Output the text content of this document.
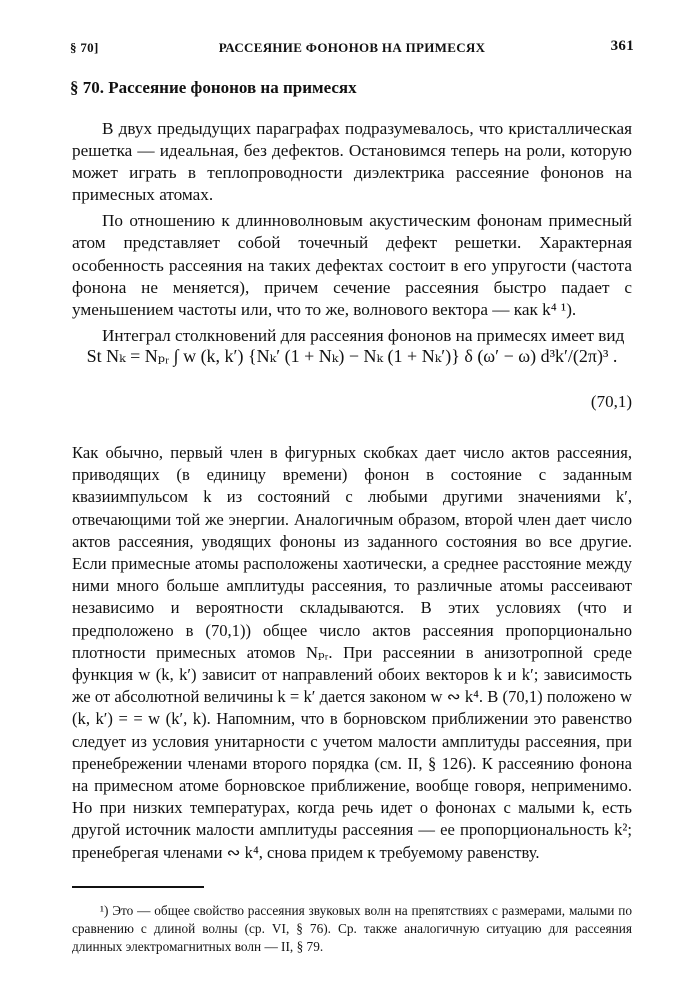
§ 70]	РАССЕЯНИЕ ФОНОНОВ НА ПРИМЕСЯХ	361
§ 70. Рассеяние фононов на примесях

В двух предыдущих параграфах подразумевалось, что кристаллическая решетка — идеальная, без дефектов. Остановимся теперь на роли, которую может играть в теплопроводности диэлектрика рассеяние фононов на примесных атомах.

По отношению к длинноволновым акустическим фононам примесный атом представляет собой точечный дефект решетки. Характерная особенность рассеяния на таких дефектах состоит в его упругости (частота фонона не меняется), причем сечение рассеяния быстро падает с уменьшением частоты или, что то же, волнового вектора — как k⁴ ¹).

Интеграл столкновений для рассеяния фононов на примесях имеет вид

St Nₖ = Nₚᵣ ∫ w (k, k′) {Nₖ′ (1 + Nₖ) − Nₖ (1 + Nₖ′)} δ (ω′ − ω) d³k′/(2π)³ .
(70,1)

Как обычно, первый член в фигурных скобках дает число актов рассеяния, приводящих (в единицу времени) фонон в состояние с заданным квазиимпульсом k из состояний с любыми другими значениями k′, отвечающими той же энергии. Аналогичным образом, второй член дает число актов рассеяния, уводящих фононы из заданного состояния во все другие. Если примесные атомы расположены хаотически, а среднее расстояние между ними много больше амплитуды рассеяния, то различные атомы рассеивают независимо и вероятности складываются. В этих условиях (что и предположено в (70,1)) общее число актов рассеяния пропорционально плотности примесных атомов Nₚᵣ. При рассеянии в анизотропной среде функция w (k, k′) зависит от направлений обоих векторов k и k′; зависимость же от абсолютной величины k = k′ дается законом w ∾ k⁴. В (70,1) положено w (k, k′) = = w (k′, k). Напомним, что в борновском приближении это равенство следует из условия унитарности с учетом малости амплитуды рассеяния, при пренебрежении членами второго порядка (см. II, § 126). К рассеянию фонона на примесном атоме борновское приближение, вообще говоря, неприменимо. Но при низких температурах, когда речь идет о фононах с малыми k, есть другой источник малости амплитуды рассеяния — ее пропорциональность k²; пренебрегая членами ∾ k⁴, снова придем к требуемому равенству.

¹) Это — общее свойство рассеяния звуковых волн на препятствиях с размерами, малыми по сравнению с длиной волны (ср. VI, § 76). Ср. также аналогичную ситуацию для рассеяния длинных электромагнитных волн — II, § 79.
